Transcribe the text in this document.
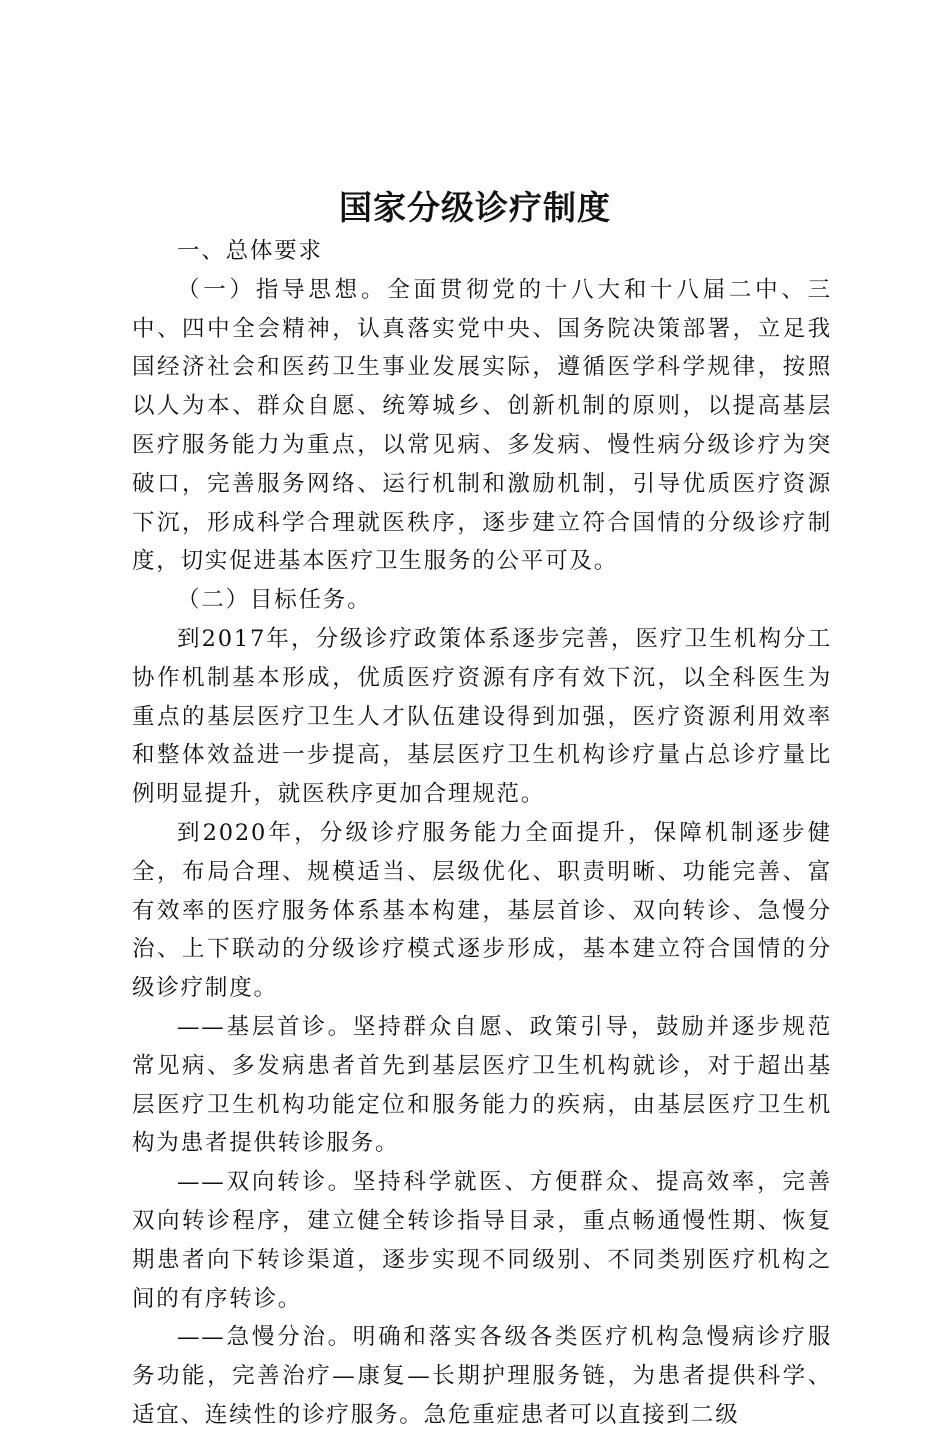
国家分级诊疗制度

一、总体要求

（一）指导思想。全面贯彻党的十八大和十八届二中、三中、四中全会精神，认真落实党中央、国务院决策部署，立足我国经济社会和医药卫生事业发展实际，遵循医学科学规律，按照以人为本、群众自愿、统筹城乡、创新机制的原则，以提高基层医疗服务能力为重点，以常见病、多发病、慢性病分级诊疗为突破口，完善服务网络、运行机制和激励机制，引导优质医疗资源下沉，形成科学合理就医秩序，逐步建立符合国情的分级诊疗制度，切实促进基本医疗卫生服务的公平可及。

（二）目标任务。

到2017年，分级诊疗政策体系逐步完善，医疗卫生机构分工协作机制基本形成，优质医疗资源有序有效下沉，以全科医生为重点的基层医疗卫生人才队伍建设得到加强，医疗资源利用效率和整体效益进一步提高，基层医疗卫生机构诊疗量占总诊疗量比例明显提升，就医秩序更加合理规范。

到2020年，分级诊疗服务能力全面提升，保障机制逐步健全，布局合理、规模适当、层级优化、职责明晰、功能完善、富有效率的医疗服务体系基本构建，基层首诊、双向转诊、急慢分治、上下联动的分级诊疗模式逐步形成，基本建立符合国情的分级诊疗制度。

——基层首诊。坚持群众自愿、政策引导，鼓励并逐步规范常见病、多发病患者首先到基层医疗卫生机构就诊，对于超出基层医疗卫生机构功能定位和服务能力的疾病，由基层医疗卫生机构为患者提供转诊服务。

——双向转诊。坚持科学就医、方便群众、提高效率，完善双向转诊程序，建立健全转诊指导目录，重点畅通慢性期、恢复期患者向下转诊渠道，逐步实现不同级别、不同类别医疗机构之间的有序转诊。

——急慢分治。明确和落实各级各类医疗机构急慢病诊疗服务功能，完善治疗—康复—长期护理服务链，为患者提供科学、适宜、连续性的诊疗服务。急危重症患者可以直接到二级
